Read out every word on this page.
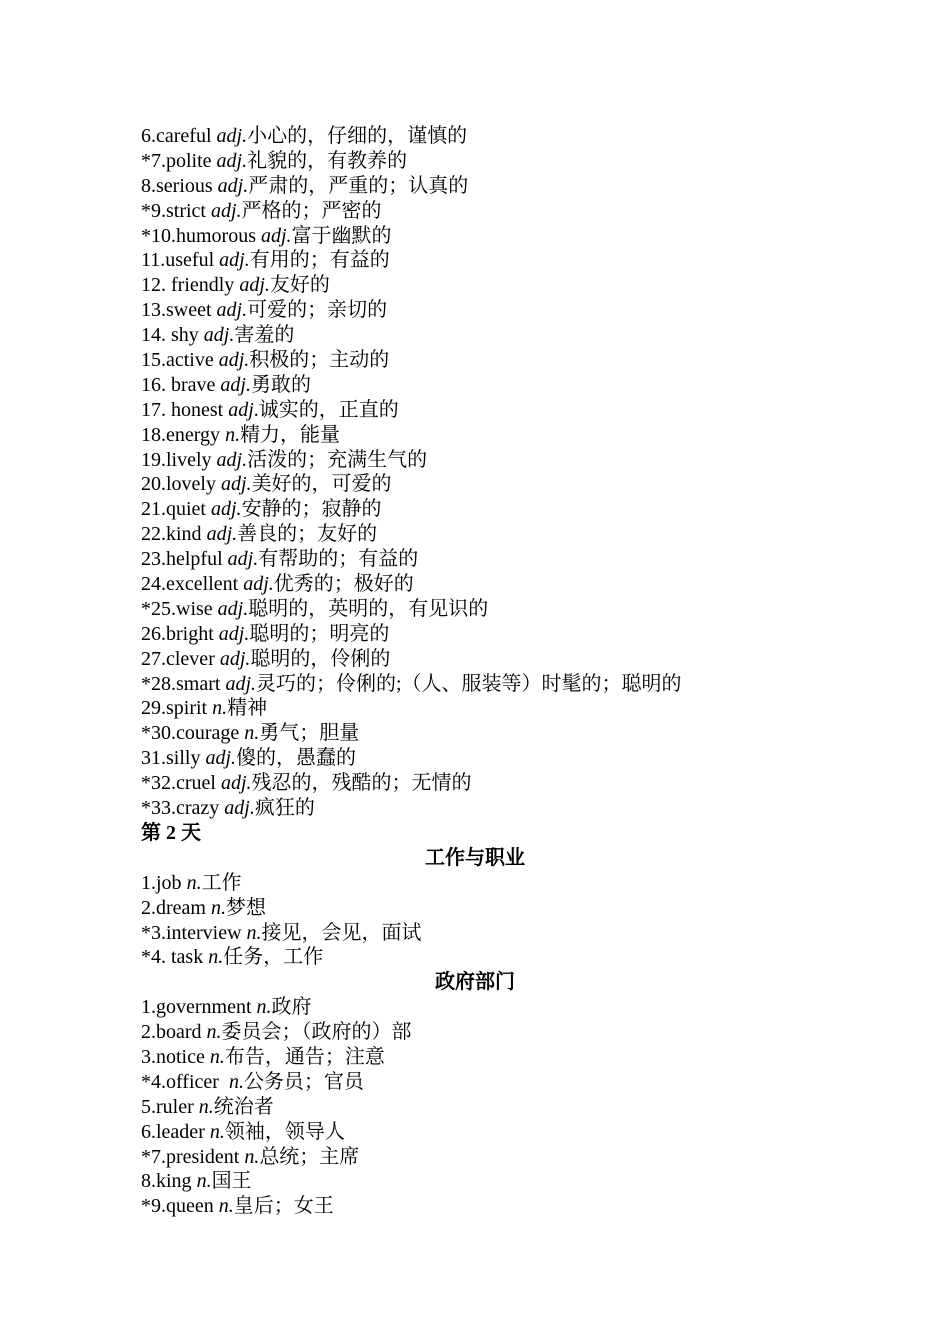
6.careful adj.小心的，仔细的，谨慎的
*7.polite adj.礼貌的，有教养的
8.serious adj.严肃的，严重的；认真的
*9.strict adj.严格的；严密的
*10.humorous adj.富于幽默的
11.useful adj.有用的；有益的
12. friendly adj.友好的
13.sweet adj.可爱的；亲切的
14. shy adj.害羞的
15.active adj.积极的；主动的
16. brave adj.勇敢的
17. honest adj.诚实的，正直的
18.energy n.精力，能量
19.lively adj.活泼的；充满生气的
20.lovely adj.美好的，可爱的
21.quiet adj.安静的；寂静的
22.kind adj.善良的；友好的
23.helpful adj.有帮助的；有益的
24.excellent adj.优秀的；极好的
*25.wise adj.聪明的，英明的，有见识的
26.bright adj.聪明的；明亮的
27.clever adj.聪明的，伶俐的
*28.smart adj.灵巧的；伶俐的;（人、服装等）时髦的；聪明的
29.spirit n.精神
*30.courage n.勇气；胆量
31.silly adj.傻的，愚蠢的
*32.cruel adj.残忍的，残酷的；无情的
*33.crazy adj.疯狂的
第 2 天
工作与职业
1.job n.工作
2.dream n.梦想
*3.interview n.接见，会见，面试
*4. task n.任务，工作
政府部门
1.government n.政府
2.board n.委员会；（政府的）部
3.notice n.布告，通告；注意
*4.officer  n.公务员；官员
5.ruler n.统治者
6.leader n.领袖，领导人
*7.president n.总统；主席
8.king n.国王
*9.queen n.皇后；女王
